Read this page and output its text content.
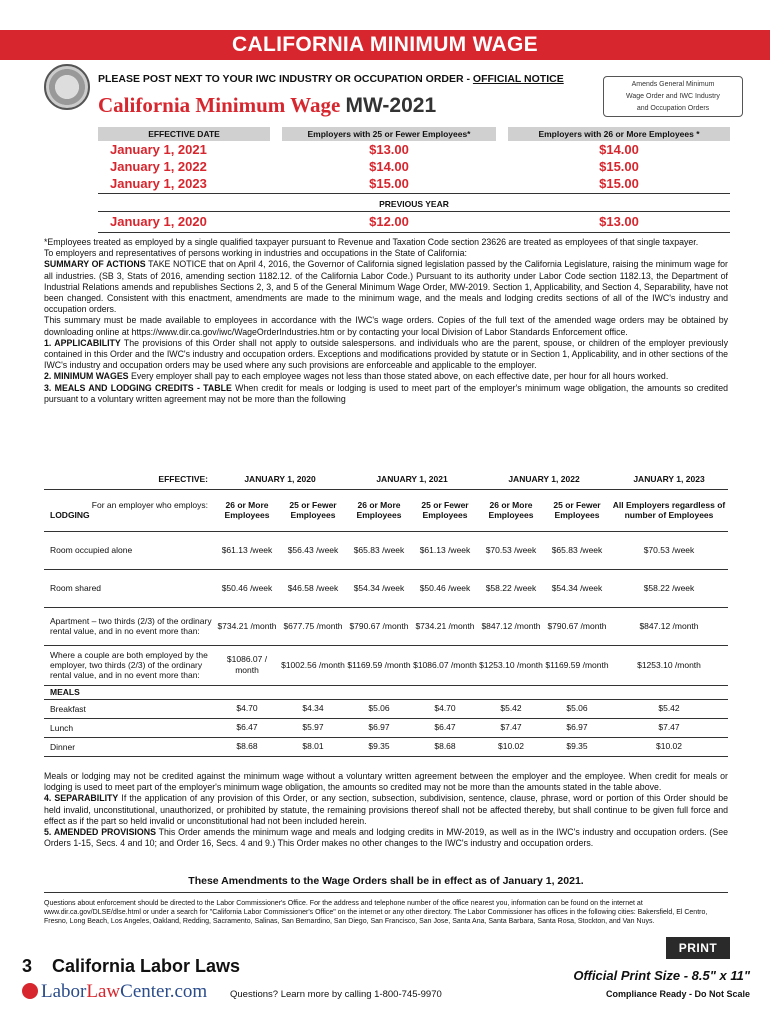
CALIFORNIA MINIMUM WAGE
PLEASE POST NEXT TO YOUR IWC INDUSTRY OR OCCUPATION ORDER - OFFICIAL NOTICE
California Minimum Wage MW-2021
Amends General Minimum
Wage Order and IWC Industry
and Occupation Orders
EFFECTIVE DATE	Employers with 25 or Fewer Employees*	Employers with 26 or More Employees *
January 1, 2021	$13.00	$14.00
January 1, 2022	$14.00	$15.00
January 1, 2023	$15.00	$15.00
PREVIOUS YEAR
January 1, 2020	$12.00	$13.00
*Employees treated as employed by a single qualified taxpayer pursuant to Revenue and Taxation Code section 23626 are treated as employees of that single taxpayer.
To employers and representatives of persons working in industries and occupations in the State of California:
SUMMARY OF ACTIONS TAKE NOTICE that on April 4, 2016, the Governor of California signed legislation passed by the California Legislature, raising the minimum wage for all industries. (SB 3, Stats of 2016, amending section 1182.12. of the California Labor Code.) Pursuant to its authority under Labor Code section 1182.13, the Department of Industrial Relations amends and republishes Sections 2, 3, and 5 of the General Minimum Wage Order, MW-2019. Section 1, Applicability, and Section 4, Separability, have not been changed. Consistent with this enactment, amendments are made to the minimum wage, and the meals and lodging credits sections of all of the IWC's industry and occupation orders.
This summary must be made available to employees in accordance with the IWC's wage orders. Copies of the full text of the amended wage orders may be obtained by downloading online at https://www.dir.ca.gov/iwc/WageOrderIndustries.htm or by contacting your local Division of Labor Standards Enforcement office.
1. APPLICABILITY The provisions of this Order shall not apply to outside salespersons. and individuals who are the parent, spouse, or children of the employer previously contained in this Order and the IWC's industry and occupation orders. Exceptions and modifications provided by statute or in Section 1, Applicability, and in other sections of the IWC's industry and occupation orders may be used where any such provisions are enforceable and applicable to the employer.
2. MINIMUM WAGES Every employer shall pay to each employee wages not less than those stated above, on each effective date, per hour for all hours worked.
3. MEALS AND LODGING CREDITS - TABLE When credit for meals or lodging is used to meet part of the employer's minimum wage obligation, the amounts so credited pursuant to a voluntary written agreement may not be more than the following
EFFECTIVE:	JANUARY 1, 2020		JANUARY 1, 2021		JANUARY 1, 2022		JANUARY 1, 2023

For an employer who employs:
LODGING	26 or More Employees	25 or Fewer Employees	26 or More Employees	25 or Fewer Employees	26 or More Employees	25 or Fewer Employees	All Employers regardless of number of Employees
Room occupied alone	$61.13 /week	$56.43 /week	$65.83 /week	$61.13 /week	$70.53 /week	$65.83 /week	$70.53 /week
Room shared	$50.46 /week	$46.58 /week	$54.34 /week	$50.46 /week	$58.22 /week	$54.34 /week	$58.22 /week
Apartment – two thirds (2/3) of the ordinary rental value, and in no event more than:	$734.21 /month	$677.75 /month	$790.67 /month	$734.21 /month	$847.12 /month	$790.67 /month	$847.12 /month
Where a couple are both employed by the employer, two thirds (2/3) of the ordinary rental value, and in no event more than:	$1086.07 / month	$1002.56 /month	$1169.59 /month	$1086.07 /month	$1253.10 /month	$1169.59 /month	$1253.10 /month
MEALS							
Breakfast	$4.70	$4.34	$5.06	$4.70	$5.42	$5.06	$5.42
Lunch	$6.47	$5.97	$6.97	$6.47	$7.47	$6.97	$7.47
Dinner	$8.68	$8.01	$9.35	$8.68	$10.02	$9.35	$10.02
Meals or lodging may not be credited against the minimum wage without a voluntary written agreement between the employer and the employee. When credit for meals or lodging is used to meet part of the employer's minimum wage obligation, the amounts so credited may not be more than the amounts stated in the table above.
4. SEPARABILITY If the application of any provision of this Order, or any section, subsection, subdivision, sentence, clause, phrase, word or portion of this Order should be held invalid, unconstitutional, unauthorized, or prohibited by statute, the remaining provisions thereof shall not be affected thereby, but shall continue to be given full force and effect as if the part so held invalid or unconstitutional had not been included herein.
5. AMENDED PROVISIONS This Order amends the minimum wage and meals and lodging credits in MW-2019, as well as in the IWC's industry and occupation orders. (See Orders 1-15, Secs. 4 and 10; and Order 16, Secs. 4 and 9.) This Order makes no other changes to the IWC's industry and occupation orders.
These Amendments to the Wage Orders shall be in effect as of January 1, 2021.
Questions about enforcement should be directed to the Labor Commissioner's Office. For the address and telephone number of the office nearest you, information can be found on the internet at www.dir.ca.gov/DLSE/dlse.html or under a search for "California Labor Commissioner's Office" on the internet or any other directory. The Labor Commissioner has offices in the following cities: Bakersfield, El Centro, Fresno, Long Beach, Los Angeles, Oakland, Redding, Sacramento, Salinas, San Bernardino, San Diego, San Francisco, San Jose, Santa Ana, Santa Barbara, Santa Rosa, Stockton, and Van Nuys.
PRINT
3 California Labor Laws
LaborLawCenter.com Questions? Learn more by calling 1-800-745-9970
Official Print Size - 8.5" x 11"
Compliance Ready - Do Not Scale
